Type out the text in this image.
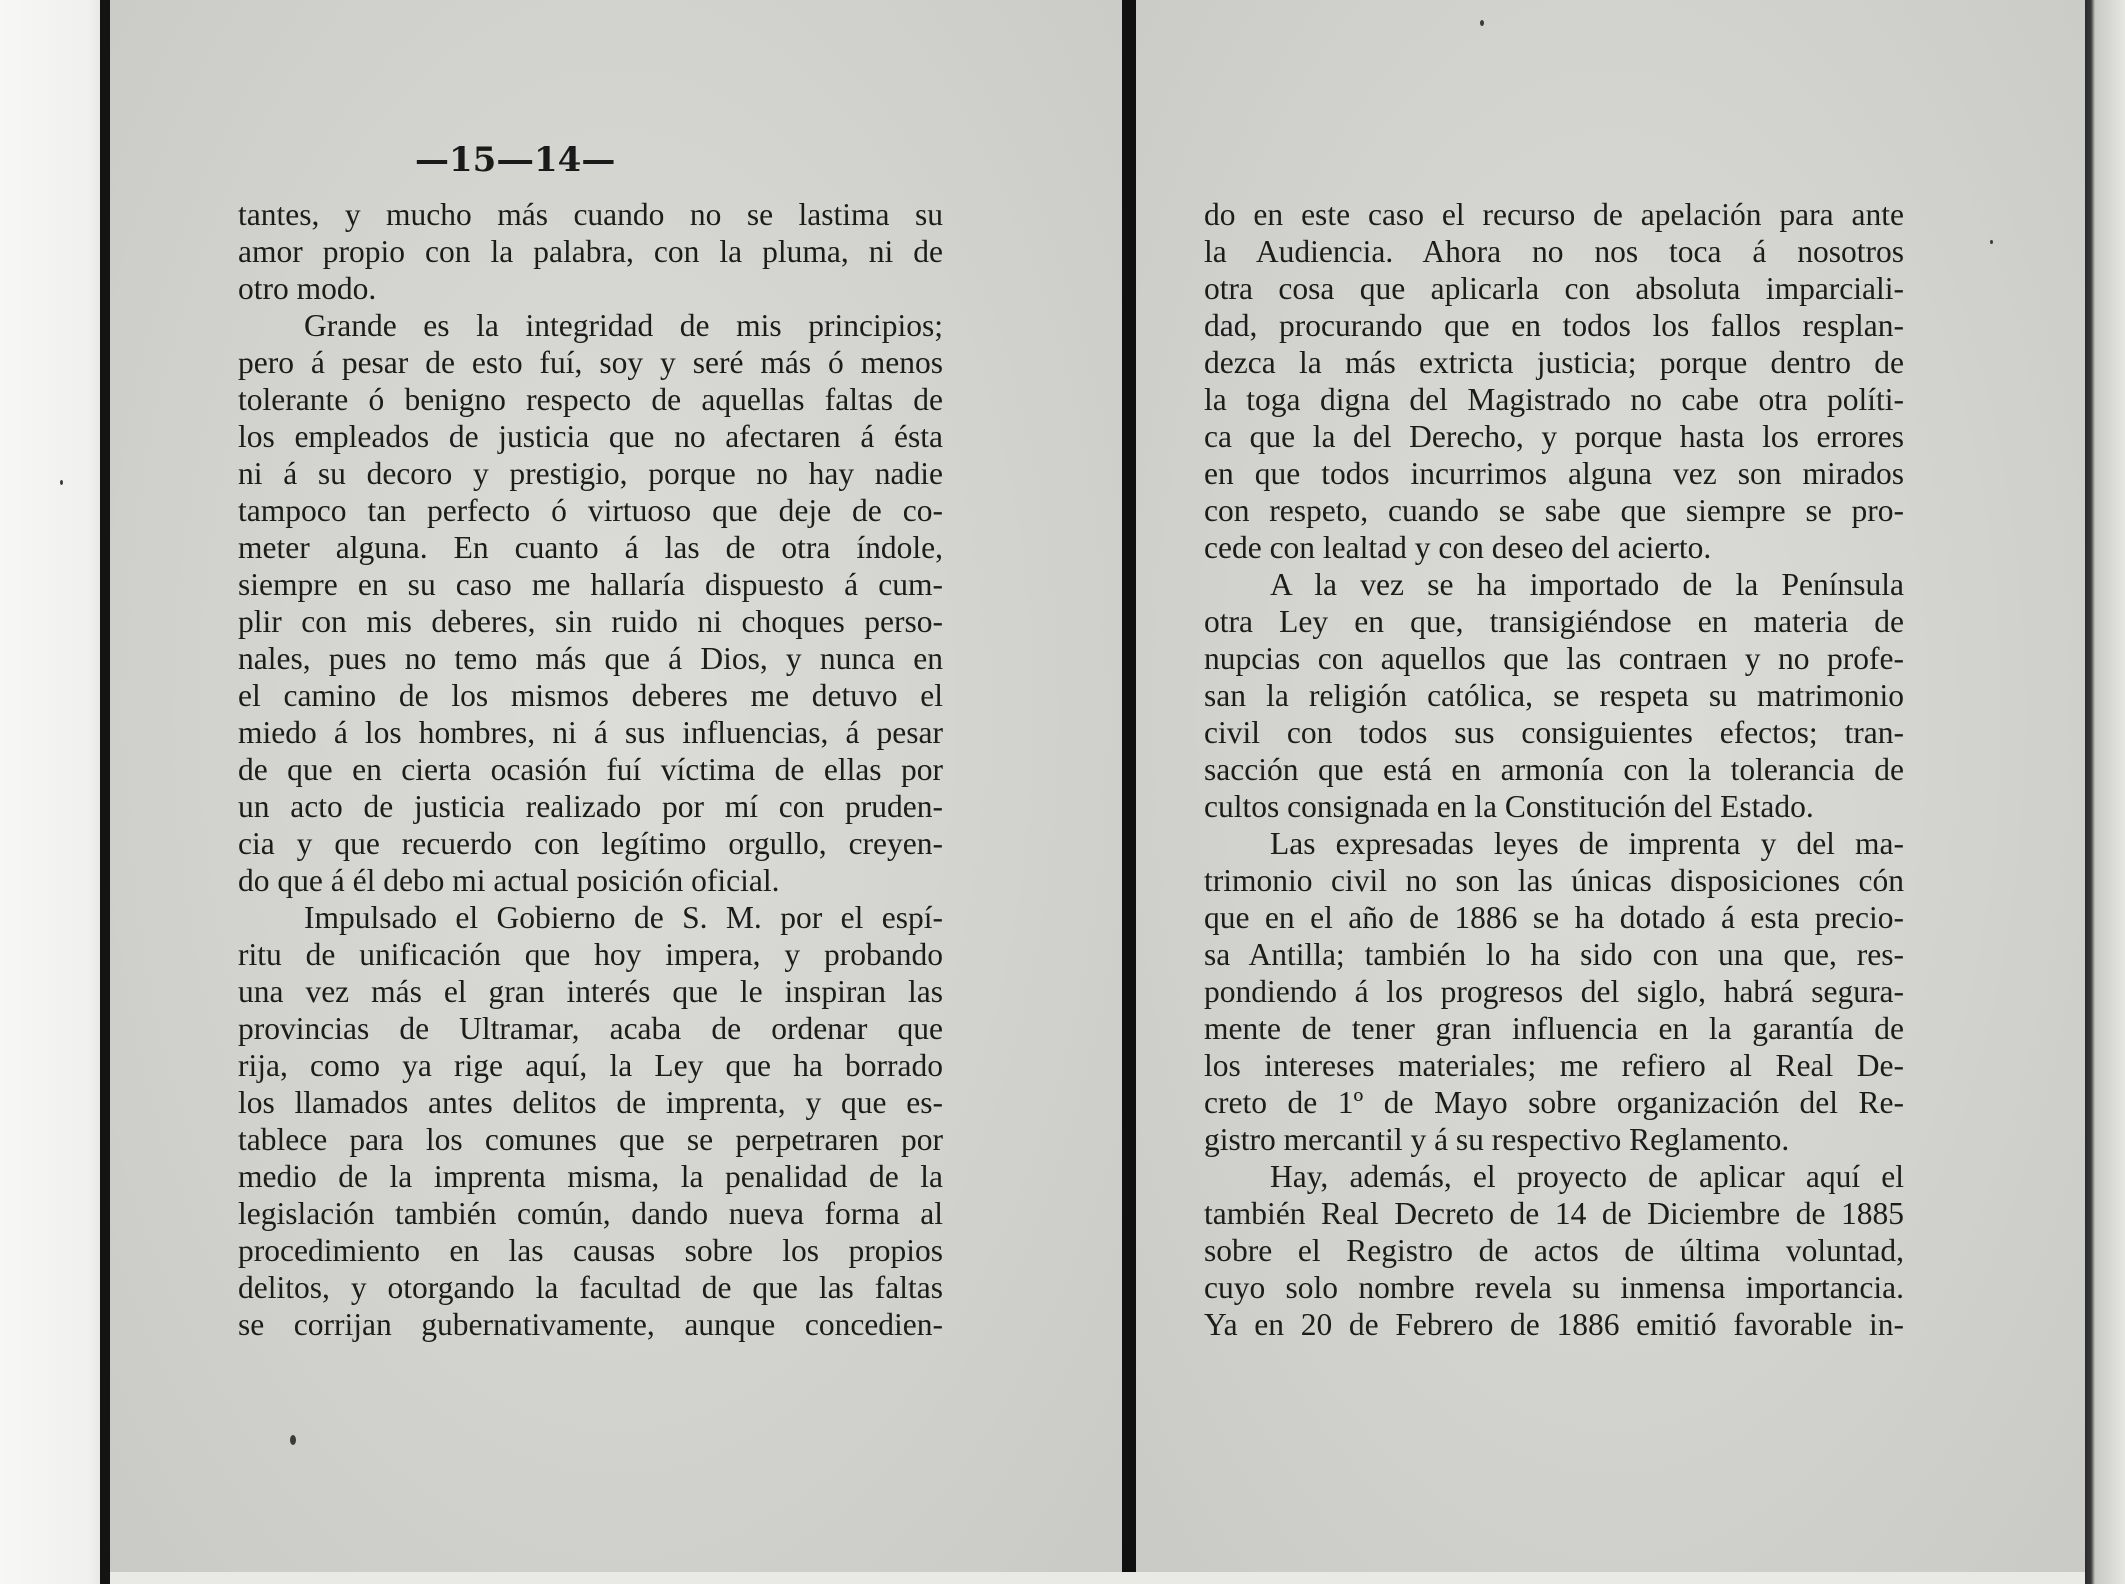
—14—
—15—
tantes, y mucho más cuando no se lastima su
amor propio con la palabra, con la pluma, ni de
otro modo.
Grande es la integridad de mis principios;
pero á pesar de esto fuí, soy y seré más ó menos
tolerante ó benigno respecto de aquellas faltas de
los empleados de justicia que no afectaren á ésta
ni á su decoro y prestigio, porque no hay nadie
tampoco tan perfecto ó virtuoso que deje de co-
meter alguna. En cuanto á las de otra índole,
siempre en su caso me hallaría dispuesto á cum-
plir con mis deberes, sin ruido ni choques perso-
nales, pues no temo más que á Dios, y nunca en
el camino de los mismos deberes me detuvo el
miedo á los hombres, ni á sus influencias, á pesar
de que en cierta ocasión fuí víctima de ellas por
un acto de justicia realizado por mí con pruden-
cia y que recuerdo con legítimo orgullo, creyen-
do que á él debo mi actual posición oficial.
Impulsado el Gobierno de S. M. por el espí-
ritu de unificación que hoy impera, y probando
una vez más el gran interés que le inspiran las
provincias de Ultramar, acaba de ordenar que
rija, como ya rige aquí, la Ley que ha borrado
los llamados antes delitos de imprenta, y que es-
tablece para los comunes que se perpetraren por
medio de la imprenta misma, la penalidad de la
legislación también común, dando nueva forma al
procedimiento en las causas sobre los propios
delitos, y otorgando la facultad de que las faltas
se corrijan gubernativamente, aunque concedien-
do en este caso el recurso de apelación para ante
la Audiencia. Ahora no nos toca á nosotros
otra cosa que aplicarla con absoluta imparciali-
dad, procurando que en todos los fallos resplan-
dezca la más extricta justicia; porque dentro de
la toga digna del Magistrado no cabe otra políti-
ca que la del Derecho, y porque hasta los errores
en que todos incurrimos alguna vez son mirados
con respeto, cuando se sabe que siempre se pro-
cede con lealtad y con deseo del acierto.
A la vez se ha importado de la Península
otra Ley en que, transigiéndose en materia de
nupcias con aquellos que las contraen y no profe-
san la religión católica, se respeta su matrimonio
civil con todos sus consiguientes efectos; tran-
sacción que está en armonía con la tolerancia de
cultos consignada en la Constitución del Estado.
Las expresadas leyes de imprenta y del ma-
trimonio civil no son las únicas disposiciones cón
que en el año de 1886 se ha dotado á esta precio-
sa Antilla; también lo ha sido con una que, res-
pondiendo á los progresos del siglo, habrá segura-
mente de tener gran influencia en la garantía de
los intereses materiales; me refiero al Real De-
creto de 1º de Mayo sobre organización del Re-
gistro mercantil y á su respectivo Reglamento.
Hay, además, el proyecto de aplicar aquí el
también Real Decreto de 14 de Diciembre de 1885
sobre el Registro de actos de última voluntad,
cuyo solo nombre revela su inmensa importancia.
Ya en 20 de Febrero de 1886 emitió favorable in-
